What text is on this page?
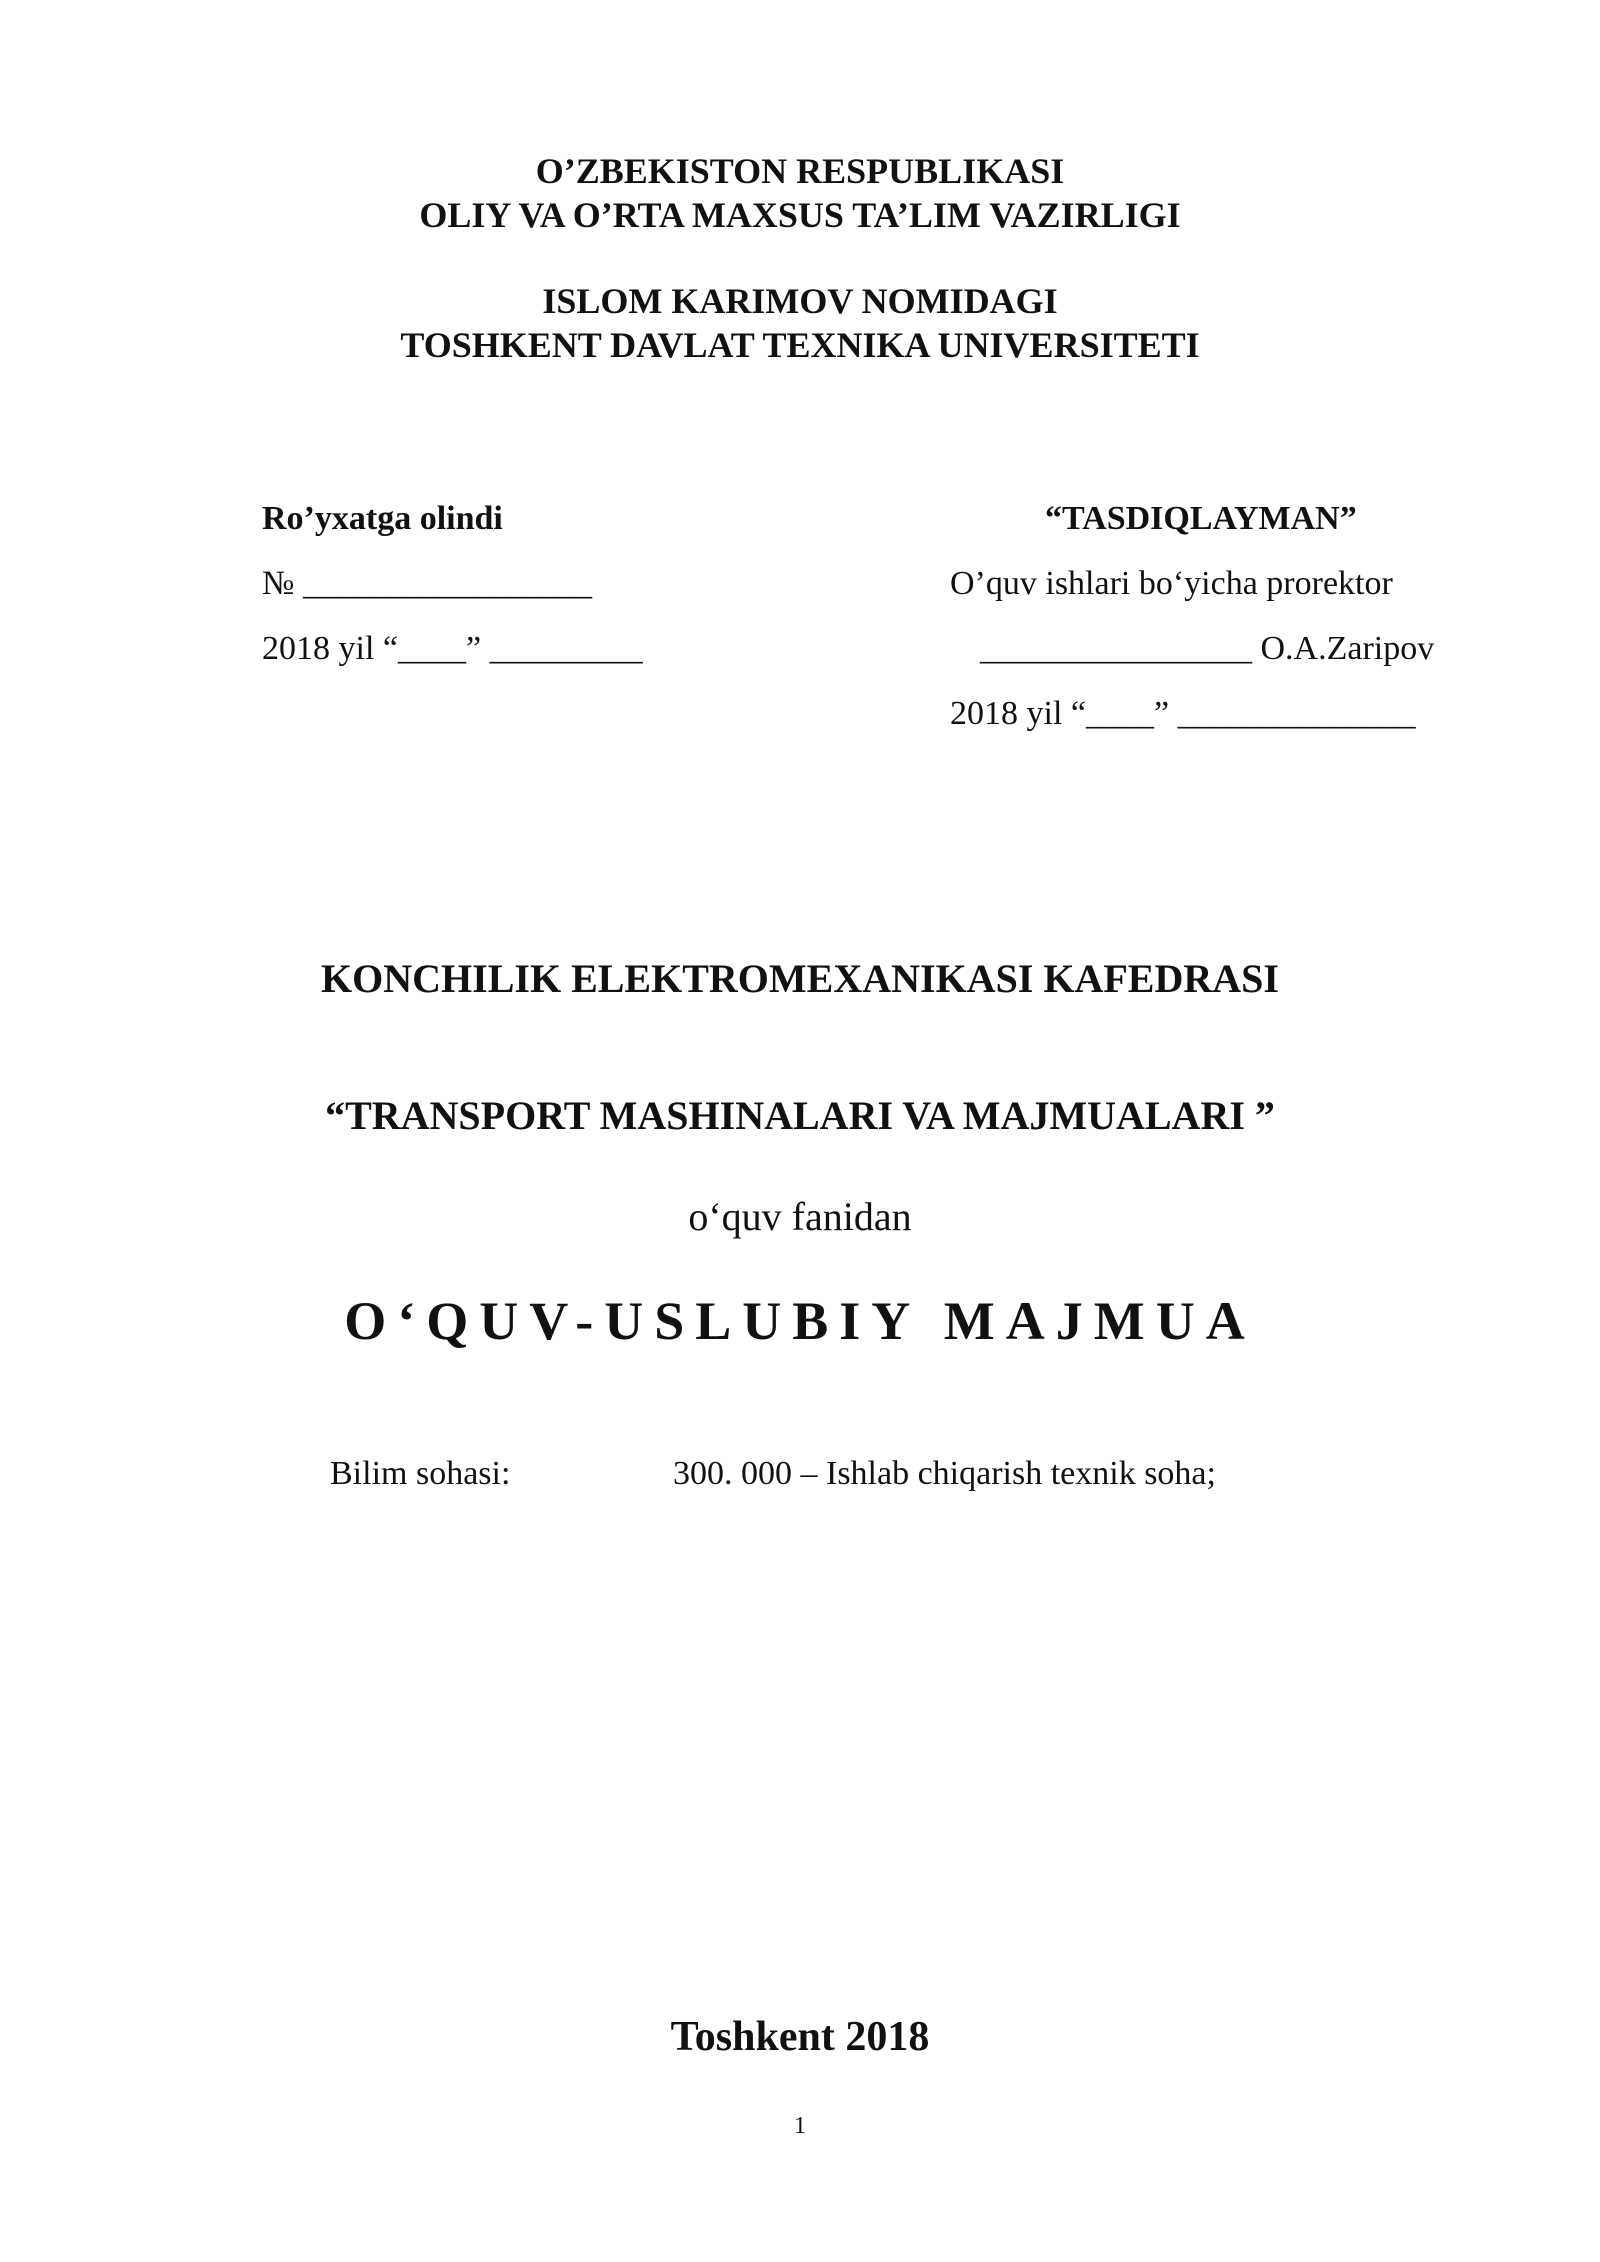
O’ZBEKISTON RESPUBLIKASI
OLIY VA O’RTA MAXSUS TA’LIM VAZIRLIGI
ISLOM KARIMOV NOMIDAGI
TOSHKENT DAVLAT TEXNIKA UNIVERSITETI
Ro’yxatga olindi
№ _________________
2018 yil “____” _________
“TASDIQLAYMAN”
O’quv ishlari bo‘yicha prorektor
________________ O.A.Zaripov
2018 yil “____” ______________
KONCHILIK ELEKTROMEXANIKASI KAFEDRASI
“TRANSPORT MASHINALARI VA MAJMUALARI ”
o‘quv fanidan
O‘QUV-USLUBIY MAJMUA
Bilim sohasi:	300. 000 – Ishlab chiqarish texnik soha;
Toshkent 2018
1
